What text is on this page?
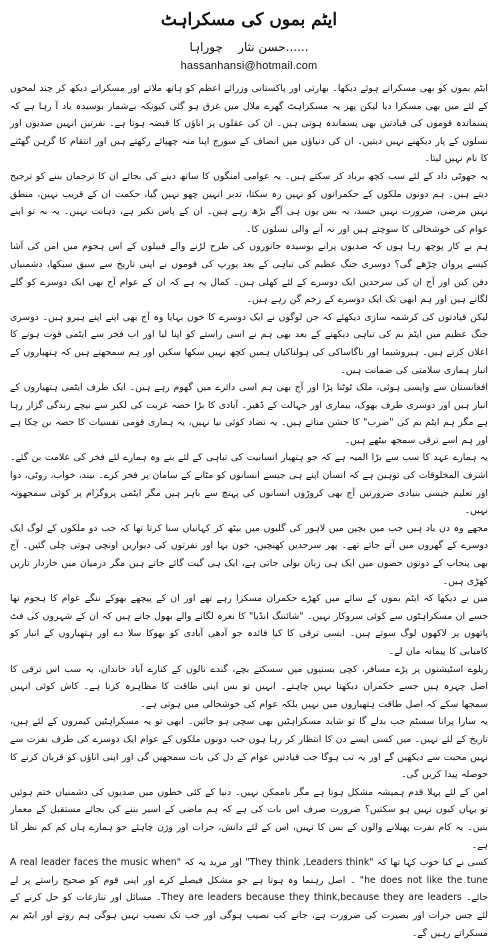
ایٹم بموں کی مسکراہٹ
حسن نثار    چوراہا......
hassanhansi@hotmail.com

ایٹم بموں کو بھی مسکراتے ہوئے دیکھا۔ بھارتی اور پاکستانی وزرائے اعظم کو ہاتھ ملاتے اور مسکراتے دیکھ کر چند لمحوں کے لئے میں بھی مسکرا دیا لیکن پھر یہ مسکراہٹ گھرے ملال میں غرق ہو گئی کیونکہ بےشمار بوسیدہ یاد آ رہا ہے کہ پسماندہ قوموں کی قیادتیں بھی پسماندہ ہوتی ہیں۔ ان کی عقلوں پر اناؤں کا قبضہ ہوتا ہے۔ نفرتیں انہیں صدیوں اور نسلوں کے پار دیکھنے نہیں دیتیں۔ ان کی دنیاؤں میں انصاف کے سورج اپنا منہ چھپائے رکھتے ہیں اور انتقام کا گرہن گھٹنے کا نام نہیں لیتا۔

یہ جھوٹی داد کے لئے سب کچھ برباد کر سکتے ہیں۔ یہ عوامی امنگوں کا ساتھ دینے کی بجائے ان کا ترجمان بننے کو ترجیح دیتے ہیں۔ ہم دونوں ملکوں کے حکمرانوں کو نہیں رہ سکتا، تدبر انہیں چھو نہیں گیا، حکمت ان کے قریب نہیں، منطق نہیں مرضی، ضرورت نہیں حسد، یہ بس یوں ہی آگے بڑھ رہے ہیں۔ ان کے پاس تکبر ہے، ذہانت نہیں۔ یہ نہ تو اپنے عوام کی خوشحالی کا سوچتے ہیں اور نہ آنے والی نسلوں کا۔

ہم بے کار پوچھ رہا ہوں کہ صدیوں پرانے بوسیدہ جانوروں کی طرح لڑنے والے قبیلوں کے اس ہجوم میں امن کی آشا کیسے پروان چڑھے گی؟ دوسری جنگ عظیم کی تباہی کے بعد یورپ کی قوموں نے اپنی تاریخ سے سبق سیکھا، دشمنیاں دفن کیں اور آج ان کی سرحدیں ایک دوسرے کے لئے کھلی ہیں۔ کمال یہ ہے کہ ان کے عوام آج بھی ایک دوسرے کو گلے لگاتے ہیں اور ہم ابھی تک ایک دوسرے کے زخم گن رہے ہیں۔

لیکن قیادتوں کی کرشمہ سازی دیکھئے کہ جن لوگوں نے ایک دوسرے کا خون بہایا وہ آج بھی اپنے اپنے ہیرو ہیں۔ دوسری جنگ عظیم میں ایٹم بم کی تباہی دیکھنے کے بعد بھی ہم نے اسی راستے کو اپنا لیا اور اب فخر سے ایٹمی قوت ہونے کا اعلان کرتے ہیں۔ ہیروشیما اور ناگاساکی کی ہولناکیاں ہمیں کچھ نہیں سکھا سکیں اور ہم سمجھتے ہیں کہ ہتھیاروں کے انبار ہماری سلامتی کی ضمانت ہیں۔

افغانستان سے واپسی ہوئی، ملک ٹوٹنا پڑا اور آج بھی ہم اسی دائرے میں گھوم رہے ہیں۔ ایک طرف ایٹمی ہتھیاروں کے انبار ہیں اور دوسری طرف بھوک، بیماری اور جہالت کے ڈھیر۔ آبادی کا بڑا حصہ غربت کی لکیر سے نیچے زندگی گزار رہا ہے مگر ہم ایٹم بم کی "ضرب" کا جشن مناتے ہیں۔ یہ تضاد کوئی نیا نہیں، یہ ہماری قومی نفسیات کا حصہ بن چکا ہے اور ہم اسے ترقی سمجھ بیٹھے ہیں۔

یہ ہمارے عہد کا سب سے بڑا المیہ ہے کہ جو ہتھیار انسانیت کی تباہی کے لئے بنے وہ ہمارے لئے فخر کی علامت بن گئے۔ اشرف المخلوقات کی توہین ہے کہ انسان اپنے ہی جیسے انسانوں کو مٹانے کے سامان پر فخر کرے۔ نیند، خواب، روٹی، دوا اور تعلیم جیسی بنیادی ضرورتیں آج بھی کروڑوں انسانوں کی پہنچ سے باہر ہیں مگر ایٹمی پروگرام پر کوئی سمجھوتہ نہیں۔

مجھے وہ دن یاد ہیں جب میں بچپن میں لاہور کی گلیوں میں بیٹھ کر کہانیاں سنا کرتا تھا کہ جب دو ملکوں کے لوگ ایک دوسرے کے گھروں میں آتے جاتے تھے۔ پھر سرحدیں کھنچیں، خون بہا اور نفرتوں کی دیواریں اونچی ہوتی چلی گئیں۔ آج بھی پنجاب کے دونوں حصوں میں ایک ہی زبان بولی جاتی ہے، ایک ہی گیت گائے جاتے ہیں مگر درمیان میں خاردار تاریں کھڑی ہیں۔

میں نے دیکھا کہ ایٹم بموں کے سائے میں کھڑے حکمران مسکرا رہے تھے اور ان کے پیچھے بھوکے ننگے عوام کا ہجوم تھا جسے ان مسکراہٹوں سے کوئی سروکار نہیں۔ "شائننگ انڈیا" کا نعرہ لگانے والے بھول جاتے ہیں کہ ان کے شہروں کی فٹ پاتھوں پر لاکھوں لوگ سوتے ہیں۔ ایسی ترقی کا کیا فائدہ جو آدھی آبادی کو بھوکا سلا دے اور ہتھیاروں کے انبار کو کامیابی کا پیمانہ مان لے۔

ریلوے اسٹیشنوں پر پڑے مسافر، کچی بستیوں میں سسکتے بچے، گندے نالوں کے کنارے آباد خاندان، یہ سب اس ترقی کا اصل چہرہ ہیں جسے حکمران دیکھنا نہیں چاہتے۔ انہیں تو بس اپنی طاقت کا مظاہرہ کرنا ہے۔ کاش کوئی انہیں سمجھا سکے کہ اصل طاقت ہتھیاروں میں نہیں بلکہ عوام کی خوشحالی میں ہوتی ہے۔

یہ سارا پرانا سسٹم جب بدلے گا تو شاید مسکراہٹیں بھی سچی ہو جائیں۔ ابھی تو یہ مسکراہٹیں کیمروں کے لئے ہیں، تاریخ کے لئے نہیں۔ میں کسی ایسے دن کا انتظار کر رہا ہوں جب دونوں ملکوں کے عوام ایک دوسرے کی طرف نفرت سے نہیں محبت سے دیکھیں گے اور یہ تب ہوگا جب قیادتیں عوام کے دل کی بات سمجھیں گی اور اپنی اناؤں کو قربان کرنے کا حوصلہ پیدا کریں گی۔

امن کے لئے پہلا قدم ہمیشہ مشکل ہوتا ہے مگر ناممکن نہیں۔ دنیا کے کئی خطوں میں صدیوں کی دشمنیاں ختم ہوئیں تو یہاں کیوں نہیں ہو سکتیں؟ ضرورت صرف اس بات کی ہے کہ ہم ماضی کے اسیر بننے کی بجائے مستقبل کے معمار بنیں۔ یہ کام نفرت پھیلانے والوں کے بس کا نہیں، اس کے لئے دانش، جرات اور وژن چاہئے جو ہمارے ہاں کم کم نظر آتا ہے۔

کسی نے کیا خوب کہا تھا کہ "They think ,Leaders think" اور مزید یہ کہ "A real leader faces the music when he does not like the tune" ۔ اصل رہنما وہ ہوتا ہے جو مشکل فیصلے کرے اور اپنی قوم کو صحیح راستے پر لے جائے۔ They are leaders because they think,because they are leaders۔ مسائل اور تنازعات کو حل کرنے کے لئے جس جرات اور بصیرت کی ضرورت ہے، جانے کب نصیب ہوگی اور جب تک نصیب نہیں ہوگی ہم روتے اور ایٹم بم مسکراتے رہیں گے۔
